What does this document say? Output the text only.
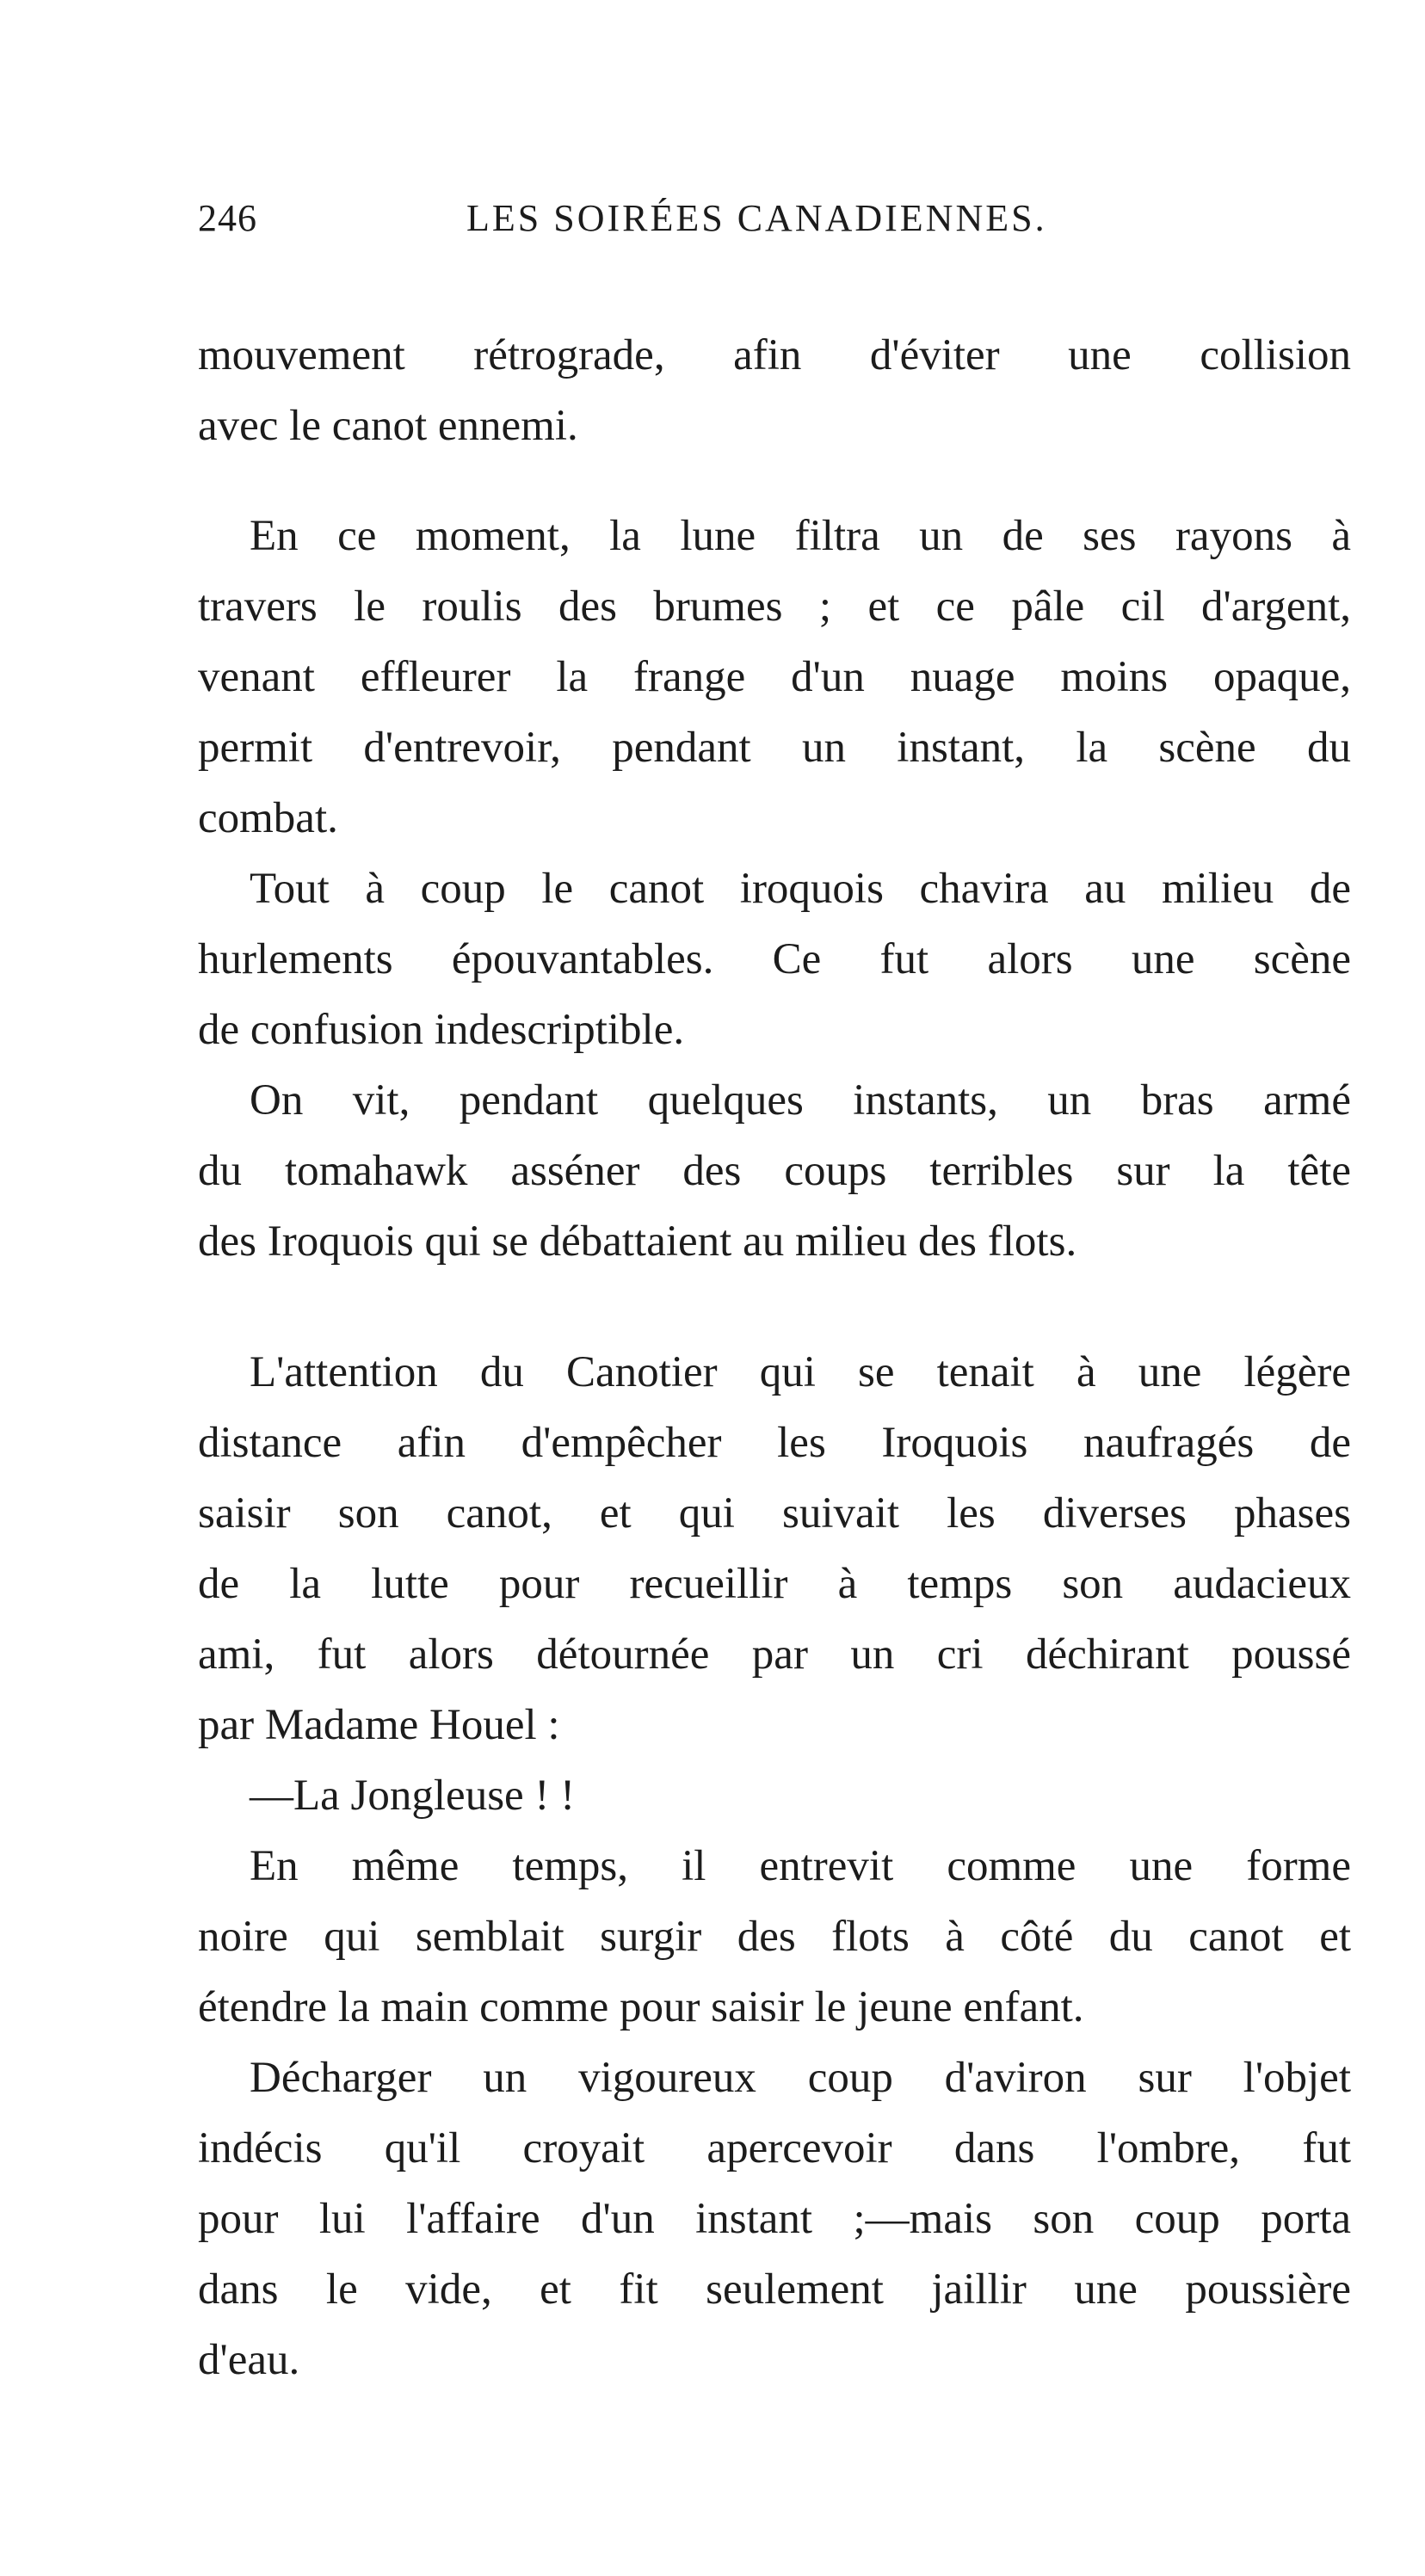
246	LES SOIRÉES CANADIENNES.
mouvement rétrograde, afin d'éviter une collision
avec le canot ennemi.
En ce moment, la lune filtra un de ses rayons à
travers le roulis des brumes ; et ce pâle cil d'argent,
venant effleurer la frange d'un nuage moins opaque,
permit d'entrevoir, pendant un instant, la scène du
combat.
Tout à coup le canot iroquois chavira au milieu de
hurlements épouvantables. Ce fut alors une scène
de confusion indescriptible.
On vit, pendant quelques instants, un bras armé
du tomahawk asséner des coups terribles sur la tête
des Iroquois qui se débattaient au milieu des flots.
L'attention du Canotier qui se tenait à une légère
distance afin d'empêcher les Iroquois naufragés de
saisir son canot, et qui suivait les diverses phases
de la lutte pour recueillir à temps son audacieux
ami, fut alors détournée par un cri déchirant poussé
par Madame Houel :
—La Jongleuse ! !
En même temps, il entrevit comme une forme
noire qui semblait surgir des flots à côté du canot et
étendre la main comme pour saisir le jeune enfant.
Décharger un vigoureux coup d'aviron sur l'objet
indécis qu'il croyait apercevoir dans l'ombre, fut
pour lui l'affaire d'un instant ;—mais son coup porta
dans le vide, et fit seulement jaillir une poussière
d'eau.
